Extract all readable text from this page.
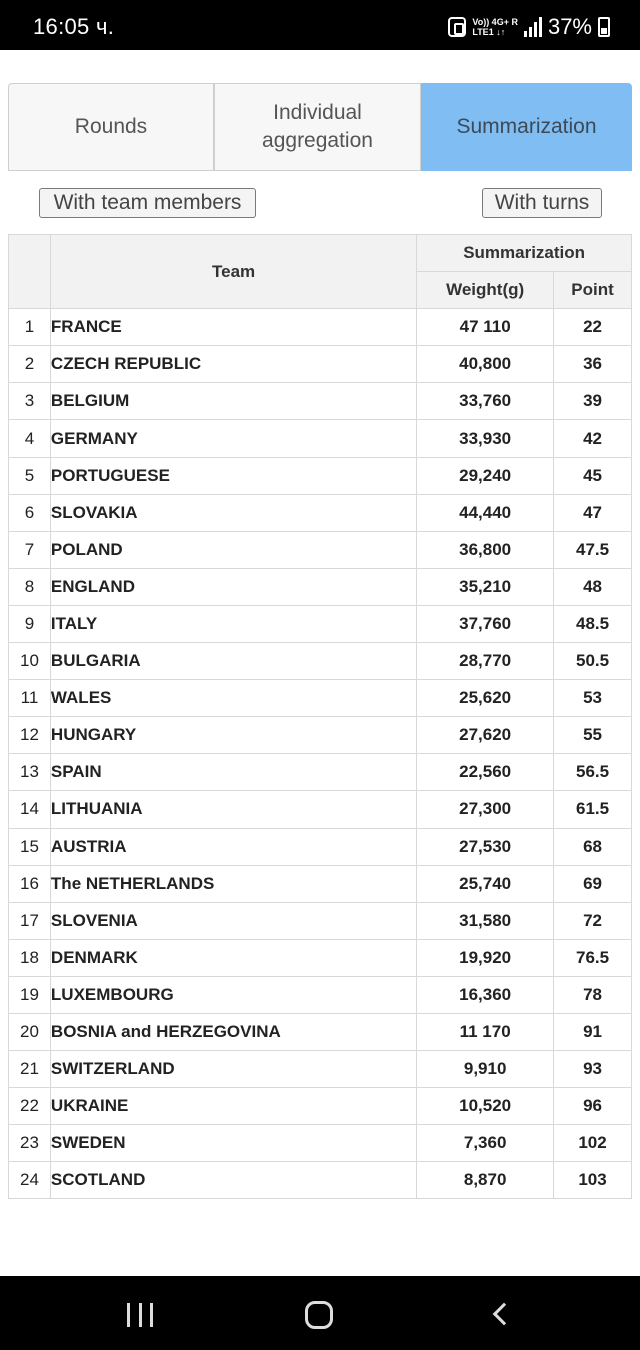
16:05 ч.	Vo)) 4G+ R
LTE1 ↓↑	37%
Rounds
Individual aggregation
Summarization
With team members	With turns
	Team	Summarization	
		Weight(g)	Point
1	FRANCE	47 110	22
2	CZECH REPUBLIC	40,800	36
3	BELGIUM	33,760	39
4	GERMANY	33,930	42
5	PORTUGUESE	29,240	45
6	SLOVAKIA	44,440	47
7	POLAND	36,800	47.5
8	ENGLAND	35,210	48
9	ITALY	37,760	48.5
10	BULGARIA	28,770	50.5
11	WALES	25,620	53
12	HUNGARY	27,620	55
13	SPAIN	22,560	56.5
14	LITHUANIA	27,300	61.5
15	AUSTRIA	27,530	68
16	The NETHERLANDS	25,740	69
17	SLOVENIA	31,580	72
18	DENMARK	19,920	76.5
19	LUXEMBOURG	16,360	78
20	BOSNIA and HERZEGOVINA	11 170	91
21	SWITZERLAND	9,910	93
22	UKRAINE	10,520	96
23	SWEDEN	7,360	102
24	SCOTLAND	8,870	103
